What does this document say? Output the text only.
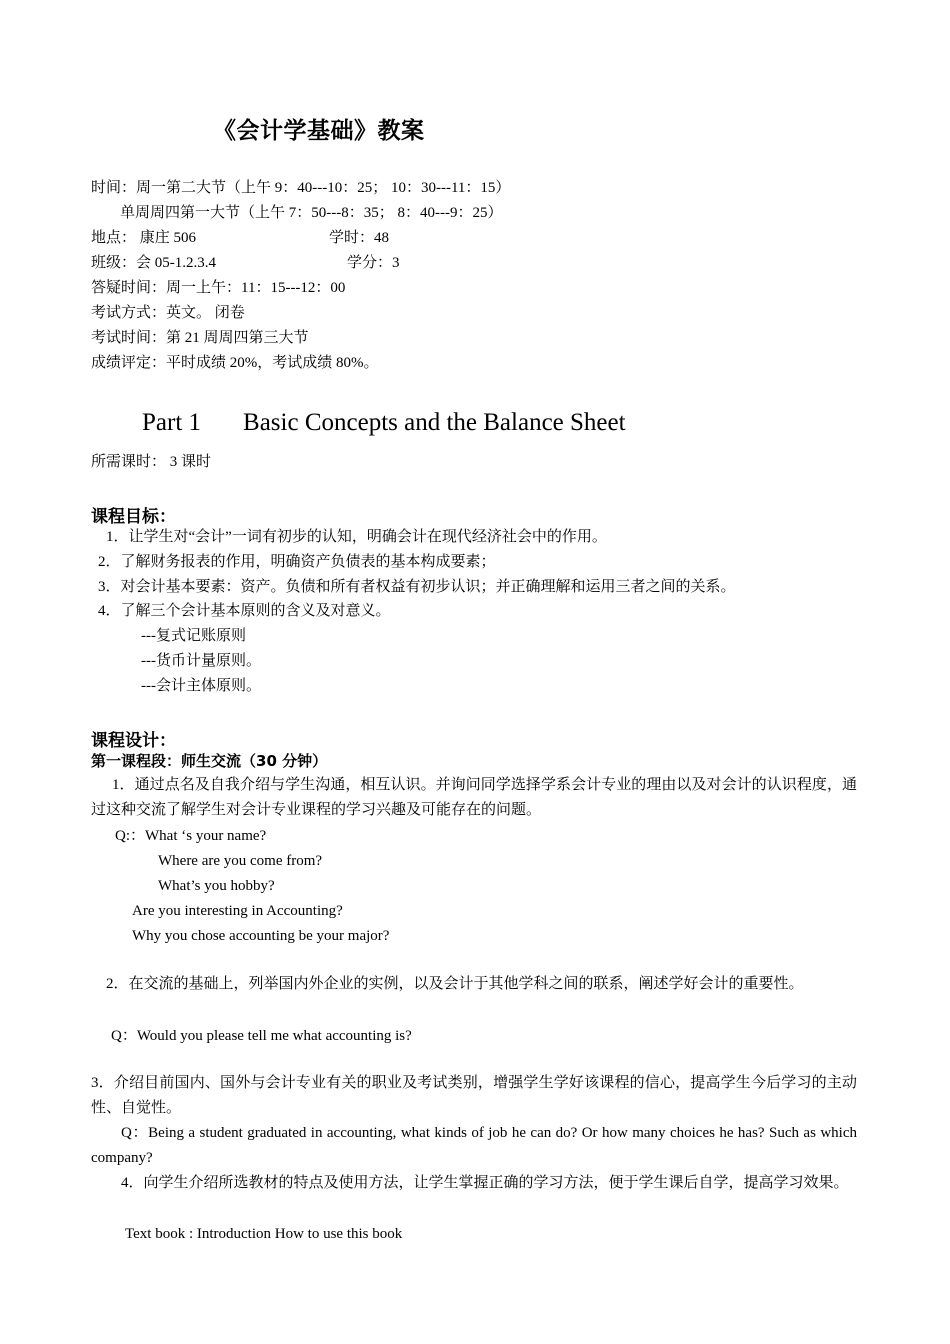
《会计学基础》教案
时间：周一第二大节（上午 9：40---10：25； 10：30---11：15）
单周周四第一大节（上午 7：50---8：35； 8：40---9：25）
地点： 康庄 506	学时：48
班级：会 05-1.2.3.4	学分：3
答疑时间：周一上午：11：15---12：00
考试方式：英文。 闭卷
考试时间：第 21 周周四第三大节
成绩评定：平时成绩 20%，考试成绩 80%。
Part 1 Basic Concepts and the Balance Sheet
所需课时： 3 课时
课程目标：
1．让学生对“会计”一词有初步的认知，明确会计在现代经济社会中的作用。
2．了解财务报表的作用，明确资产负债表的基本构成要素；
3．对会计基本要素：资产。负债和所有者权益有初步认识；并正确理解和运用三者之间的关系。
4．了解三个会计基本原则的含义及对意义。
---复式记账原则
---货币计量原则。
---会计主体原则。
课程设计：
第一课程段：师生交流（30 分钟）
1．通过点名及自我介绍与学生沟通，相互认识。并询问同学选择学系会计专业的理由以及对会计的认识程度，通过这种交流了解学生对会计专业课程的学习兴趣及可能存在的问题。
Q:：What ‘s your name?
Where are you come from?
What’s you hobby?
Are you interesting in Accounting?
Why you chose accounting be your major?
2．在交流的基础上，列举国内外企业的实例，以及会计于其他学科之间的联系，阐述学好会计的重要性。
Q：Would you please tell me what accounting is?
3．介绍目前国内、国外与会计专业有关的职业及考试类别，增强学生学好该课程的信心，提高学生今后学习的主动性、自觉性。
Q：Being a student graduated in accounting, what kinds of job he can do? Or how many choices he has? Such as which company?
4．向学生介绍所选教材的特点及使用方法，让学生掌握正确的学习方法，便于学生课后自学，提高学习效果。
Text book : Introduction How to use this book
